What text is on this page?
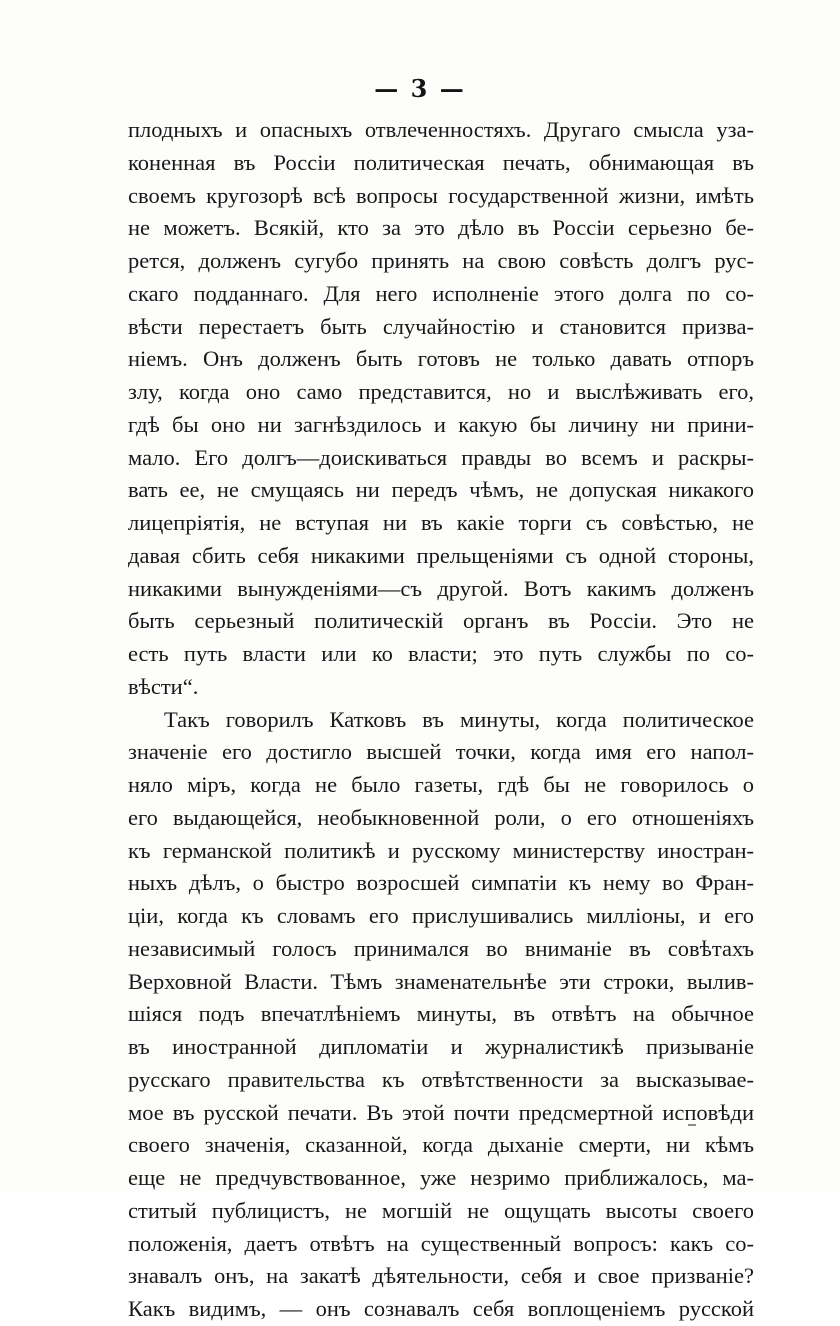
— 3 —
плодныхъ и опасныхъ отвлеченностяхъ. Другаго смысла уза-
коненная въ Россіи политическая печать, обнимающая въ
своемъ кругозорѣ всѣ вопросы государственной жизни, имѣть
не можетъ. Всякій, кто за это дѣло въ Россіи серьезно бе-
рется, долженъ сугубо принять на свою совѣсть долгъ рус-
скаго подданнаго. Для него исполненіе этого долга по со-
вѣсти перестаетъ быть случайностію и становится призва-
ніемъ. Онъ долженъ быть готовъ не только давать отпоръ
злу, когда оно само представится, но и выслѣживать его,
гдѣ бы оно ни загнѣздилось и какую бы личину ни прини-
мало. Его долгъ—доискиваться правды во всемъ и раскры-
вать ее, не смущаясь ни передъ чѣмъ, не допуская никакого
лицепріятія, не вступая ни въ какіе торги съ совѣстью, не
давая сбить себя никакими прельщеніями съ одной стороны,
никакими вынужденіями—съ другой. Вотъ какимъ долженъ
быть серьезный политическій органъ въ Россіи. Это не
есть путь власти или ко власти; это путь службы по со-
вѣсти“.
Такъ говорилъ Катковъ въ минуты, когда политическое
значеніе его достигло высшей точки, когда имя его напол-
няло міръ, когда не было газеты, гдѣ бы не говорилось о
его выдающейся, необыкновенной роли, о его отношеніяхъ
къ германской политикѣ и русскому министерству иностран-
ныхъ дѣлъ, о быстро возросшей симпатіи къ нему во Фран-
ціи, когда къ словамъ его прислушивались милліоны, и его
независимый голосъ принимался во вниманіе въ совѣтахъ
Верховной Власти. Тѣмъ знаменательнѣе эти строки, вылив-
шіяся подъ впечатлѣніемъ минуты, въ отвѣтъ на обычное
въ иностранной дипломатіи и журналистикѣ призываніе
русскаго правительства къ отвѣтственности за высказывае-
мое въ русской печати. Въ этой почти предсмертной исповѣди
своего значенія, сказанной, когда дыханіе смерти, ни кѣмъ
еще не предчувствованное, уже незримо приближалось, ма-
ститый публицистъ, не могшій не ощущать высоты своего
положенія, даетъ отвѣтъ на существенный вопросъ: какъ со-
знавалъ онъ, на закатѣ дѣятельности, себя и свое призваніе?
Какъ видимъ, — онъ сознавалъ себя воплощеніемъ русской
